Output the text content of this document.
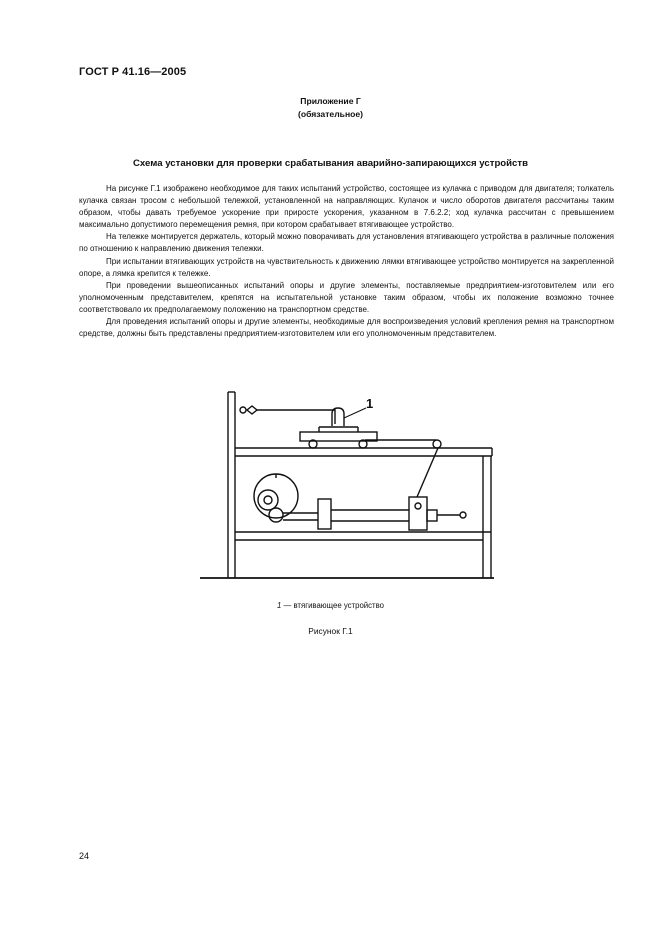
ГОСТ Р 41.16—2005
Приложение Г
(обязательное)
Схема установки для проверки срабатывания аварийно-запирающихся устройств

На рисунке Г.1 изображено необходимое для таких испытаний устройство, состоящее из кулачка с приводом для двигателя; толкатель кулачка связан тросом с небольшой тележкой, установленной на направляющих. Кулачок и число оборотов двигателя рассчитаны таким образом, чтобы давать требуемое ускорение при приросте ускорения, указанном в 7.6.2.2; ход кулачка рассчитан с превышением максимально допустимого перемещения ремня, при котором срабатывает втягивающее устройство.

На тележке монтируется держатель, который можно поворачивать для установления втягивающего устройства в различные положения по отношению к направлению движения тележки.

При испытании втягивающих устройств на чувствительность к движению лямки втягивающее устройство монтируется на закрепленной опоре, а лямка крепится к тележке.

При проведении вышеописанных испытаний опоры и другие элементы, поставляемые предприятием-изготовителем или его уполномоченным представителем, крепятся на испытательной установке таким образом, чтобы их положение возможно точнее соответствовало их предполагаемому положению на транспортном средстве.

Для проведения испытаний опоры и другие элементы, необходимые для воспроизведения условий крепления ремня на транспортном средстве, должны быть представлены предприятием-изготовителем или его уполномоченным представителем.

1
1 — втягивающее устройство
Рисунок Г.1
24
